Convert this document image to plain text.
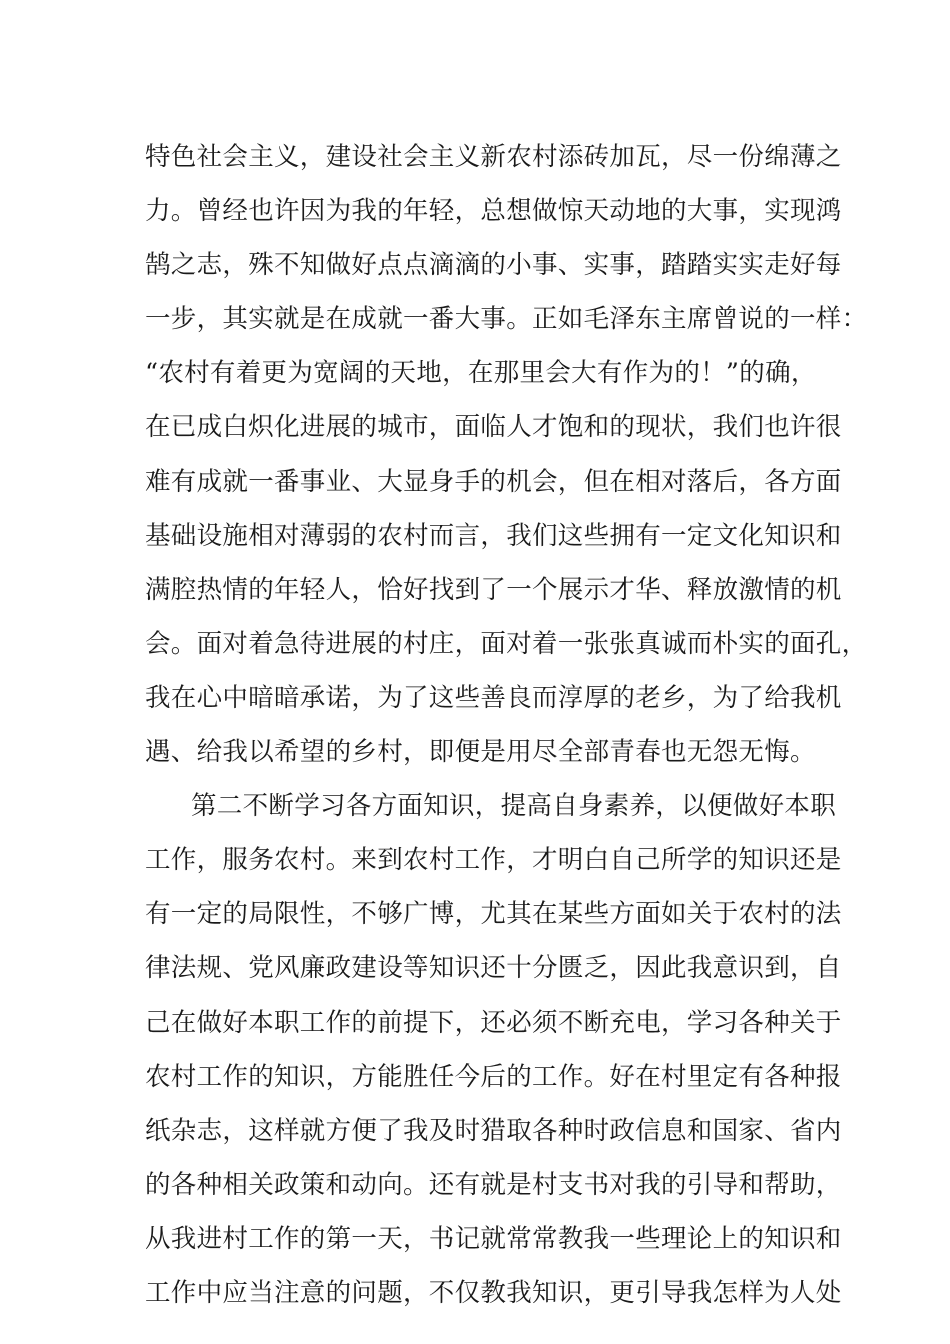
特色社会主义，建设社会主义新农村添砖加瓦，尽一份绵薄之
力。曾经也许因为我的年轻，总想做惊天动地的大事，实现鸿
鹄之志，殊不知做好点点滴滴的小事、实事，踏踏实实走好每
一步，其实就是在成就一番大事。正如毛泽东主席曾说的一样：
“农村有着更为宽阔的天地，在那里会大有作为的！”的确，
在已成白炽化进展的城市，面临人才饱和的现状，我们也许很
难有成就一番事业、大显身手的机会，但在相对落后，各方面
基础设施相对薄弱的农村而言，我们这些拥有一定文化知识和
满腔热情的年轻人，恰好找到了一个展示才华、释放激情的机
会。面对着急待进展的村庄，面对着一张张真诚而朴实的面孔，
我在心中暗暗承诺，为了这些善良而淳厚的老乡，为了给我机
遇、给我以希望的乡村，即便是用尽全部青春也无怨无悔。
第二不断学习各方面知识，提高自身素养，以便做好本职
工作，服务农村。来到农村工作，才明白自己所学的知识还是
有一定的局限性，不够广博，尤其在某些方面如关于农村的法
律法规、党风廉政建设等知识还十分匮乏，因此我意识到，自
己在做好本职工作的前提下，还必须不断充电，学习各种关于
农村工作的知识，方能胜任今后的工作。好在村里定有各种报
纸杂志，这样就方便了我及时猎取各种时政信息和国家、省内
的各种相关政策和动向。还有就是村支书对我的引导和帮助，
从我进村工作的第一天，书记就常常教我一些理论上的知识和
工作中应当注意的问题，不仅教我知识，更引导我怎样为人处
